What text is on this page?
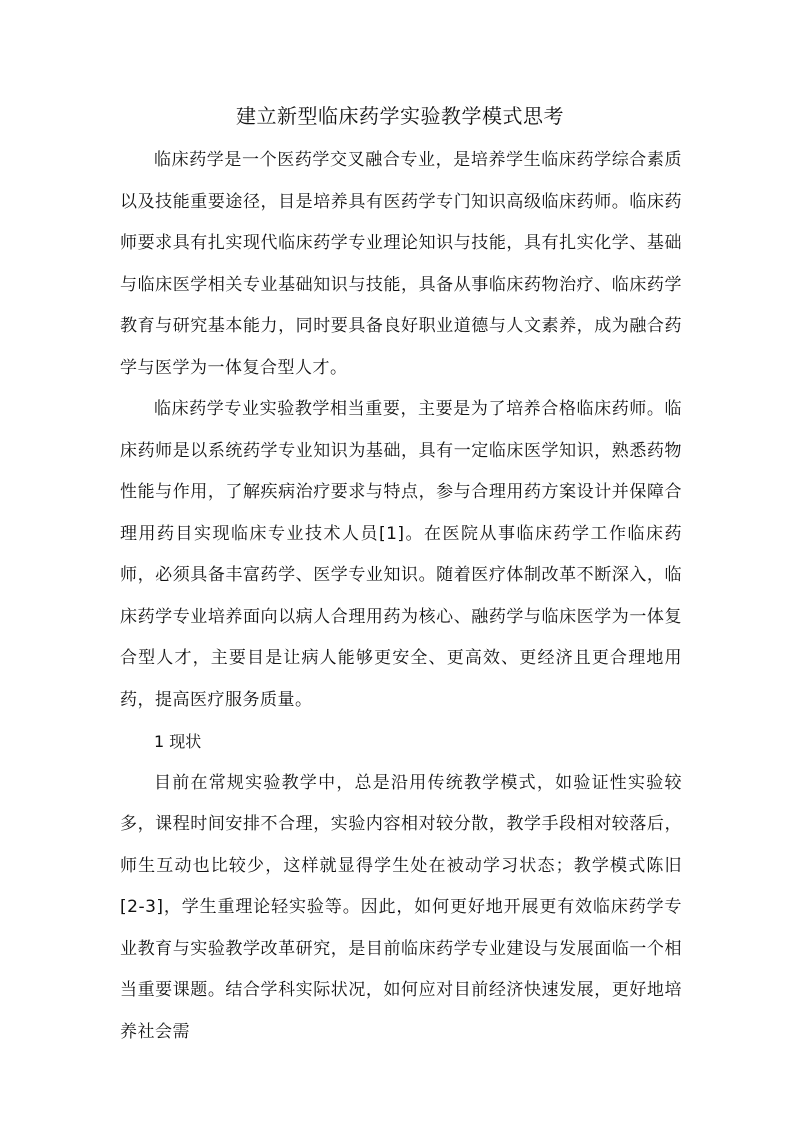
建立新型临床药学实验教学模式思考

临床药学是一个医药学交叉融合专业，是培养学生临床药学综合素质以及技能重要途径，目是培养具有医药学专门知识高级临床药师。临床药师要求具有扎实现代临床药学专业理论知识与技能，具有扎实化学、基础与临床医学相关专业基础知识与技能，具备从事临床药物治疗、临床药学教育与研究基本能力，同时要具备良好职业道德与人文素养，成为融合药学与医学为一体复合型人才。

临床药学专业实验教学相当重要，主要是为了培养合格临床药师。临床药师是以系统药学专业知识为基础，具有一定临床医学知识，熟悉药物性能与作用，了解疾病治疗要求与特点，参与合理用药方案设计并保障合理用药目实现临床专业技术人员[1]。在医院从事临床药学工作临床药师，必须具备丰富药学、医学专业知识。随着医疗体制改革不断深入，临床药学专业培养面向以病人合理用药为核心、融药学与临床医学为一体复合型人才，主要目是让病人能够更安全、更高效、更经济且更合理地用药，提高医疗服务质量。

1 现状

目前在常规实验教学中，总是沿用传统教学模式，如验证性实验较多，课程时间安排不合理，实验内容相对较分散，教学手段相对较落后，师生互动也比较少，这样就显得学生处在被动学习状态；教学模式陈旧[2-3]，学生重理论轻实验等。因此，如何更好地开展更有效临床药学专业教育与实验教学改革研究，是目前临床药学专业建设与发展面临一个相当重要课题。结合学科实际状况，如何应对目前经济快速发展，更好地培养社会需
